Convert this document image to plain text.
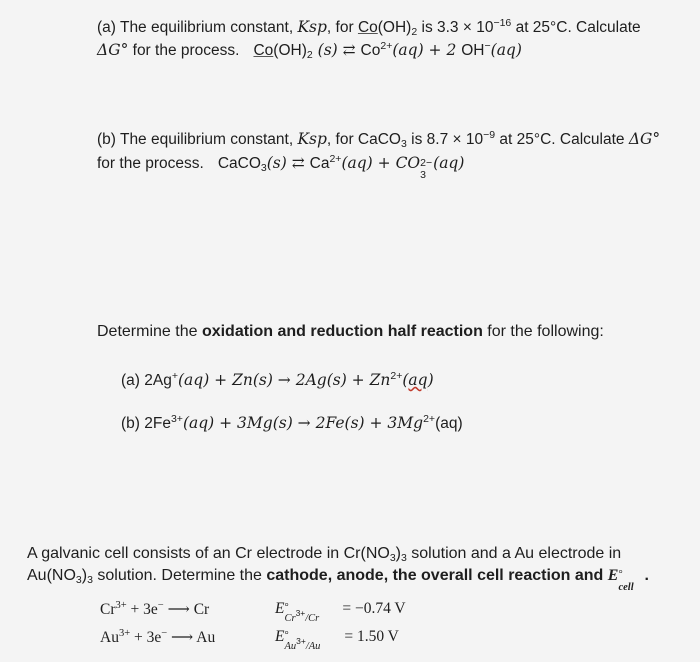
(a) The equilibrium constant, Ksp, for $Co(OH)_2$ is $3.3 \times 10^{-16}$ at 25°C. Calculate
ΔG° for the process. $Co(OH)_2$ (s) ⇄ $Co^{2+}(aq) + 2$ OH−(aq)
(b) The equilibrium constant, Ksp, for CaCO$_3$ is $8.7 \times 10^{-9}$ at 25°C. Calculate ΔG°
for the process. CaCO$_3$(s) ⇄ $Ca^{2+}(aq)$ + CO 2−
3
(aq)
Determine the oxidation and reduction half reaction for the following:
(a) $2Ag^+(aq) + Zn(s) \to 2Ag(s) + Zn^{2+}(aq)$
(b) $2Fe^{3+}(aq) + 3Mg(s) \to 2Fe(s) + 3Mg^{2+}(aq)$
A galvanic cell consists of an Cr electrode in $Cr(NO_3)_3$ solution and a Au electrode in
$Au(NO_3)_3$ solution. Determine the cathode, anode, the overall cell reaction and E °
cell
.
$Cr^{3+} + 3e^-$ ⟶ Cr	E °
$Cr^{3+}/Cr$
= −0.74 V
$Au^{3+} + 3e^-$ ⟶ Au	E °
$Au^{3+}/Au$
= 1.50 V
